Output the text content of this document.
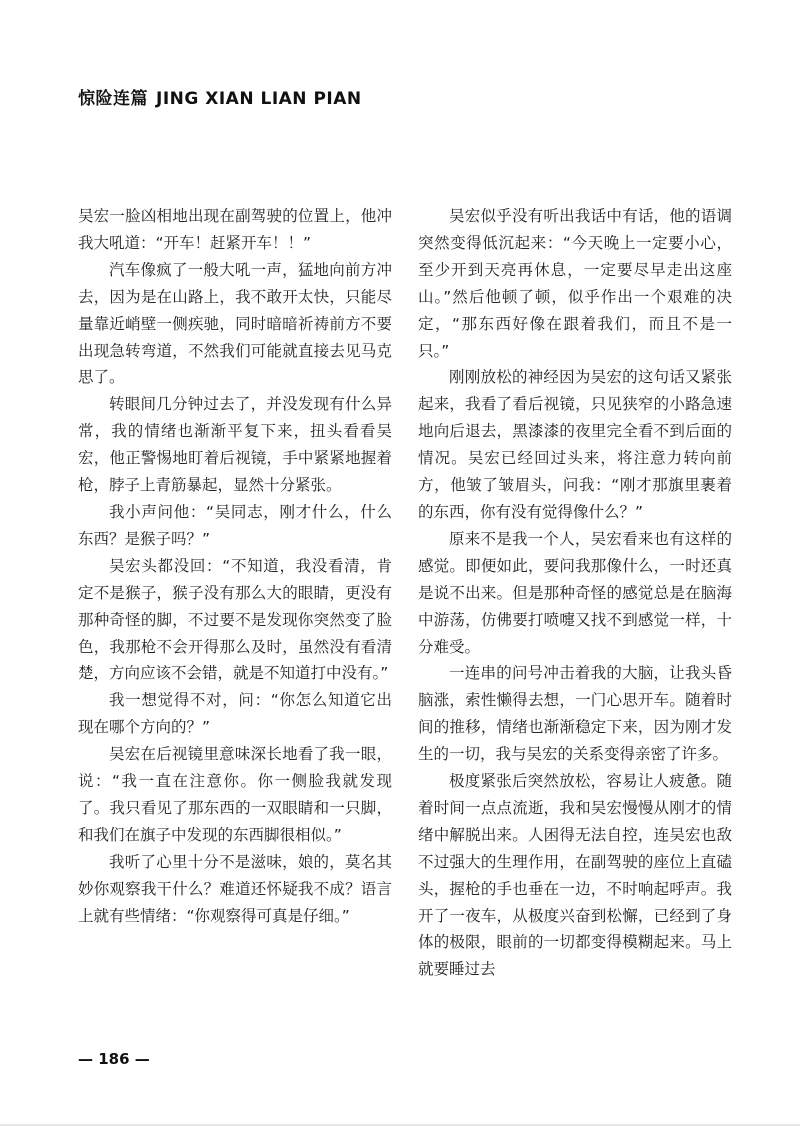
惊险连篇 JING XIAN LIAN PIAN

吴宏一脸凶相地出现在副驾驶的位置上，他冲我大吼道：“开车！赶紧开车！！”

汽车像疯了一般大吼一声，猛地向前方冲去，因为是在山路上，我不敢开太快，只能尽量靠近峭壁一侧疾驰，同时暗暗祈祷前方不要出现急转弯道，不然我们可能就直接去见马克思了。

转眼间几分钟过去了，并没发现有什么异常，我的情绪也渐渐平复下来，扭头看看吴宏，他正警惕地盯着后视镜，手中紧紧地握着枪，脖子上青筋暴起，显然十分紧张。

我小声问他：“吴同志，刚才什么，什么东西？是猴子吗？”

吴宏头都没回：“不知道，我没看清，肯定不是猴子，猴子没有那么大的眼睛，更没有那种奇怪的脚，不过要不是发现你突然变了脸色，我那枪不会开得那么及时，虽然没有看清楚，方向应该不会错，就是不知道打中没有。”

我一想觉得不对，问：“你怎么知道它出现在哪个方向的？”

吴宏在后视镜里意味深长地看了我一眼，说：“我一直在注意你。你一侧脸我就发现了。我只看见了那东西的一双眼睛和一只脚，和我们在旗子中发现的东西脚很相似。”

我听了心里十分不是滋味，娘的，莫名其妙你观察我干什么？难道还怀疑我不成？语言上就有些情绪：“你观察得可真是仔细。”

吴宏似乎没有听出我话中有话，他的语调突然变得低沉起来：“今天晚上一定要小心，至少开到天亮再休息，一定要尽早走出这座山。”然后他顿了顿，似乎作出一个艰难的决定，“那东西好像在跟着我们，而且不是一只。”

刚刚放松的神经因为吴宏的这句话又紧张起来，我看了看后视镜，只见狭窄的小路急速地向后退去，黑漆漆的夜里完全看不到后面的情况。吴宏已经回过头来，将注意力转向前方，他皱了皱眉头，问我：“刚才那旗里裹着的东西，你有没有觉得像什么？”

原来不是我一个人，吴宏看来也有这样的感觉。即便如此，要问我那像什么，一时还真是说不出来。但是那种奇怪的感觉总是在脑海中游荡，仿佛要打喷嚏又找不到感觉一样，十分难受。

一连串的问号冲击着我的大脑，让我头昏脑涨，索性懒得去想，一门心思开车。随着时间的推移，情绪也渐渐稳定下来，因为刚才发生的一切，我与吴宏的关系变得亲密了许多。

极度紧张后突然放松，容易让人疲惫。随着时间一点点流逝，我和吴宏慢慢从刚才的情绪中解脱出来。人困得无法自控，连吴宏也敌不过强大的生理作用，在副驾驶的座位上直磕头，握枪的手也垂在一边，不时响起呼声。我开了一夜车，从极度兴奋到松懈，已经到了身体的极限，眼前的一切都变得模糊起来。马上就要睡过去

— 186 —
